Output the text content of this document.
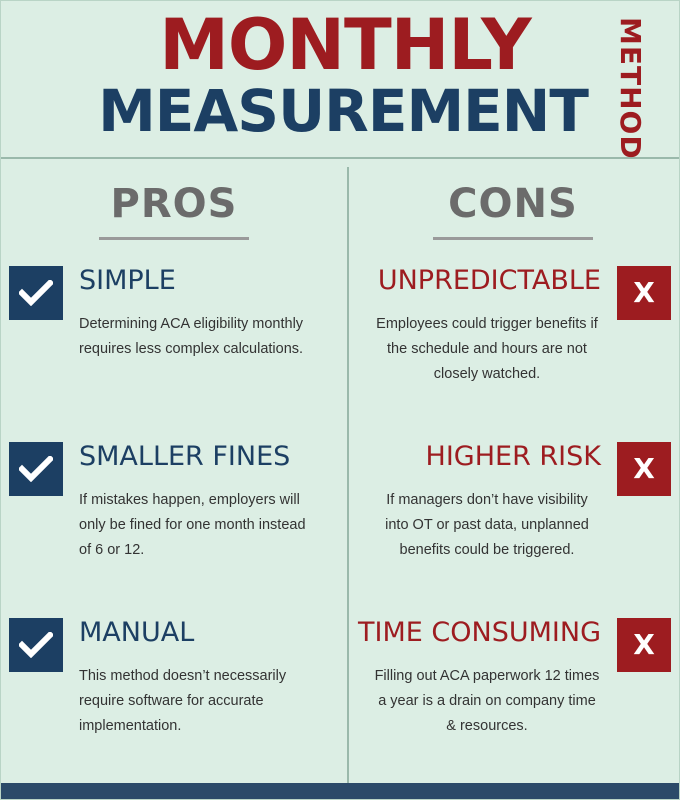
MONTHLY
MEASUREMENT METHOD
PROS
SIMPLE
Determining ACA eligibility monthly requires less complex calculations.
SMALLER FINES
If mistakes happen, employers will only be fined for one month instead of 6 or 12.
MANUAL
This method doesn’t necessarily require software for accurate implementation.
CONS
X
UNPREDICTABLE
Employees could trigger benefits if the schedule and hours are not closely watched.
X
HIGHER RISK
If managers don’t have visibility into OT or past data, unplanned benefits could be triggered.
X
TIME CONSUMING
Filling out ACA paperwork 12 times a year is a drain on company time & resources.
